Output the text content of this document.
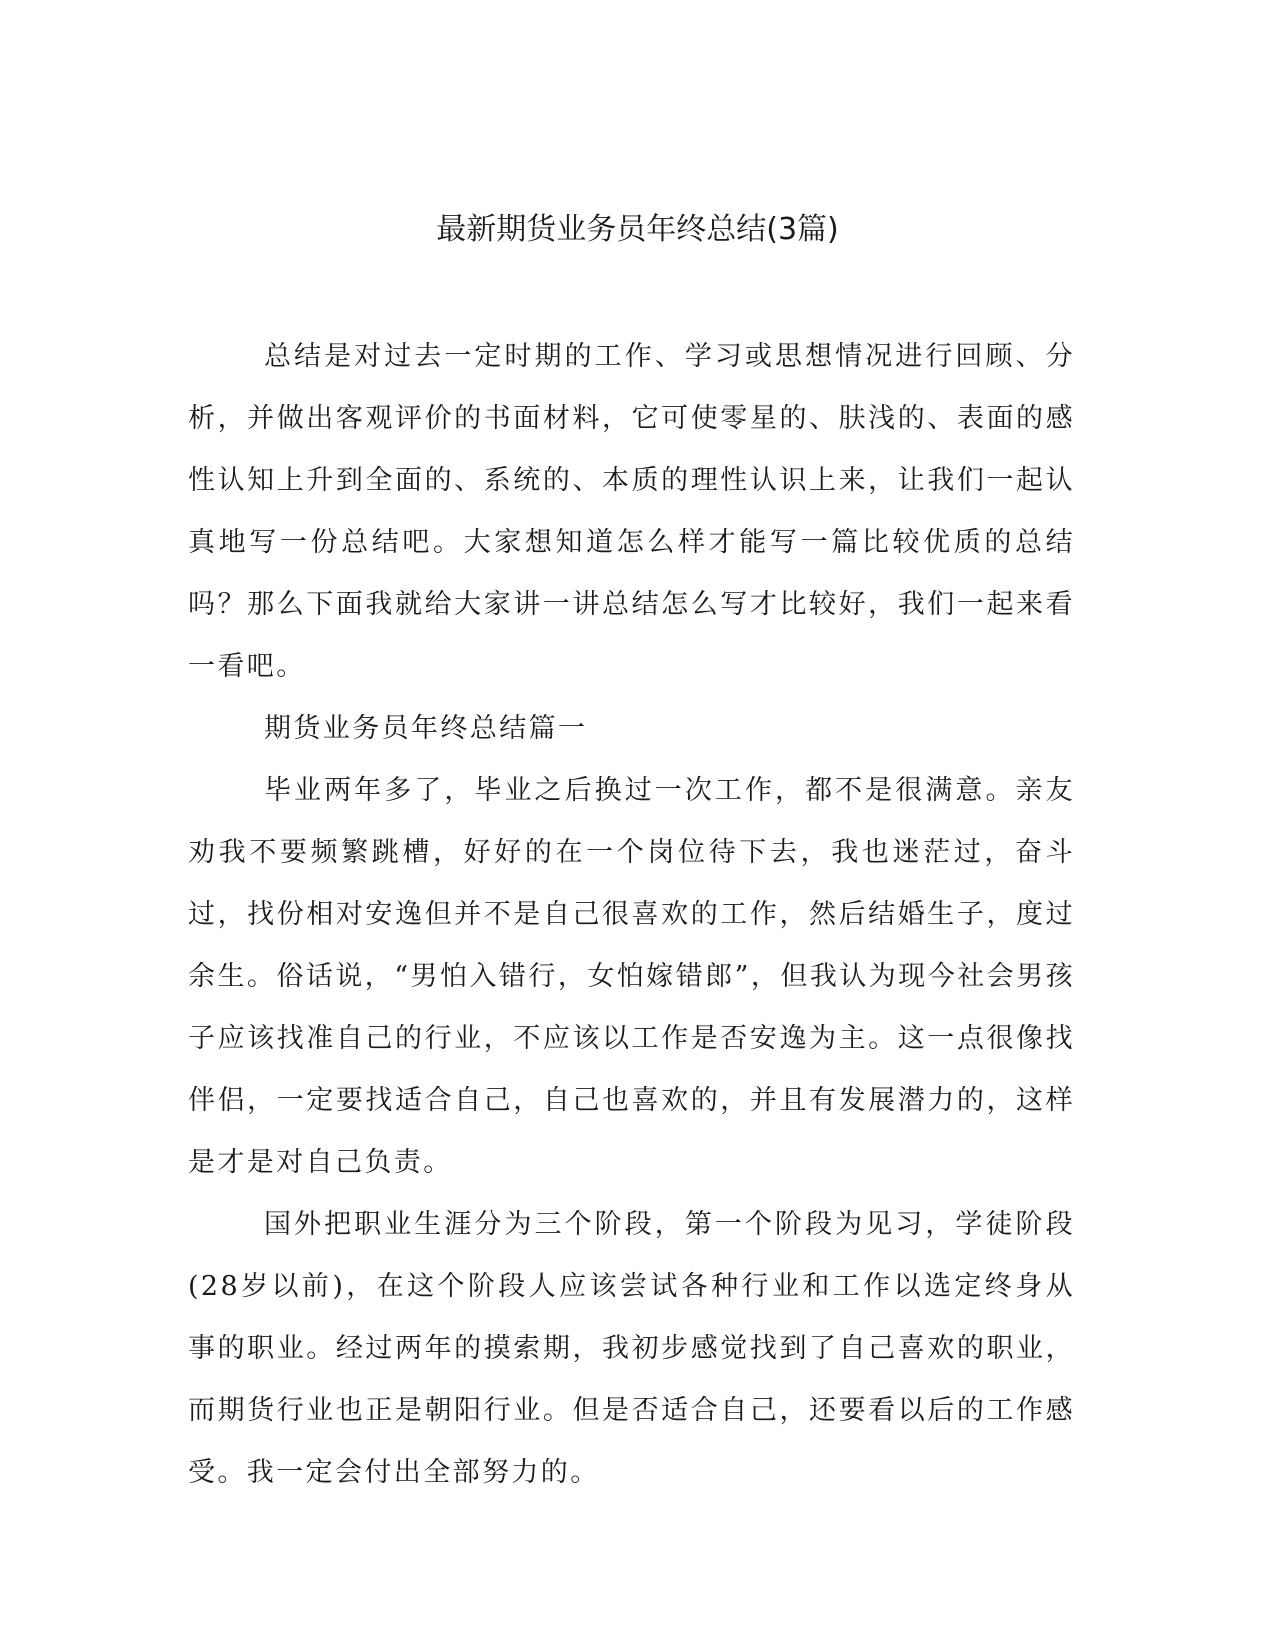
最新期货业务员年终总结(3篇)

总结是对过去一定时期的工作、学习或思想情况进行回顾、分析，并做出客观评价的书面材料，它可使零星的、肤浅的、表面的感性认知上升到全面的、系统的、本质的理性认识上来，让我们一起认真地写一份总结吧。大家想知道怎么样才能写一篇比较优质的总结吗？那么下面我就给大家讲一讲总结怎么写才比较好，我们一起来看一看吧。

期货业务员年终总结篇一

毕业两年多了，毕业之后换过一次工作，都不是很满意。亲友劝我不要频繁跳槽，好好的在一个岗位待下去，我也迷茫过，奋斗过，找份相对安逸但并不是自己很喜欢的工作，然后结婚生子，度过余生。俗话说，“男怕入错行，女怕嫁错郎”，但我认为现今社会男孩子应该找准自己的行业，不应该以工作是否安逸为主。这一点很像找伴侣，一定要找适合自己，自己也喜欢的，并且有发展潜力的，这样是才是对自己负责。

国外把职业生涯分为三个阶段，第一个阶段为见习，学徒阶段(28岁以前)，在这个阶段人应该尝试各种行业和工作以选定终身从事的职业。经过两年的摸索期，我初步感觉找到了自己喜欢的职业，而期货行业也正是朝阳行业。但是否适合自己，还要看以后的工作感受。我一定会付出全部努力的。
